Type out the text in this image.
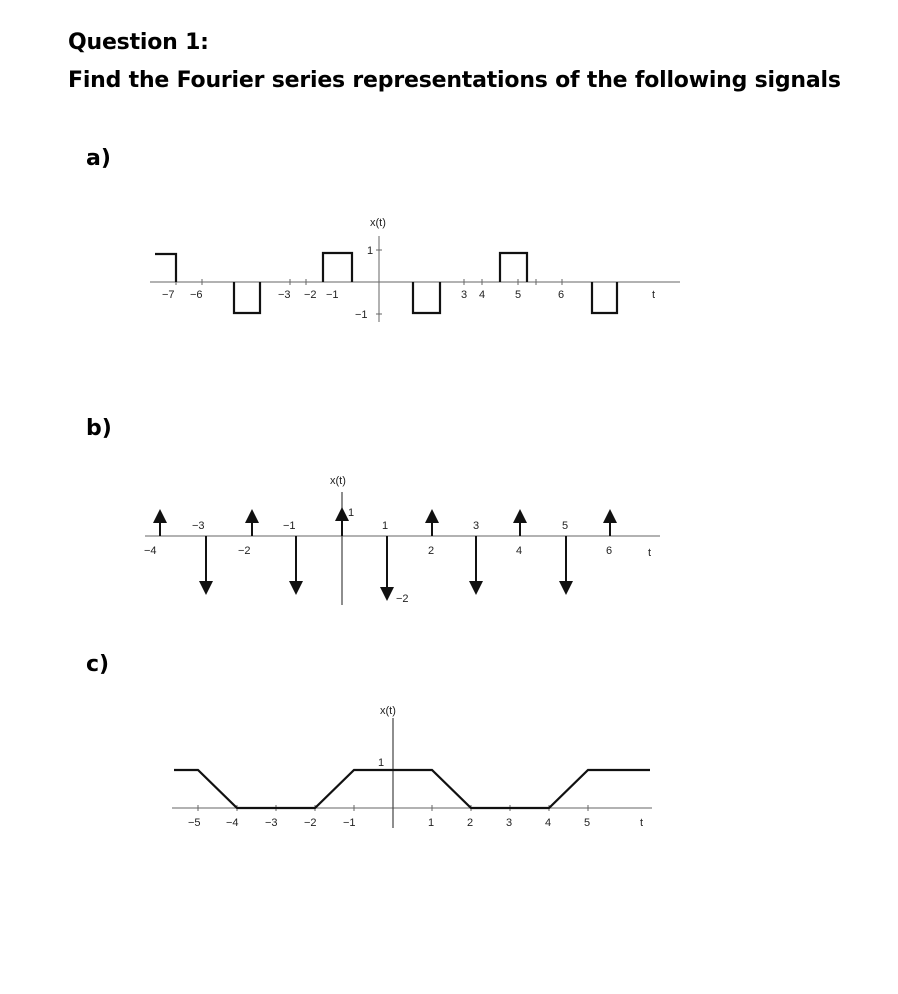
Question 1:
Find the Fourier series representations of the following signals
a)
b)
c)
x(t)
1
−1
t
−7 −6	−3 −2 −1	3 4	5	6
x(t)
1
−2
t
−3	−1	1	3	5
−4	−2	2	4	6
x(t)
1
t
−5 −4 −3 −2 −1	1	2	3	4	5
